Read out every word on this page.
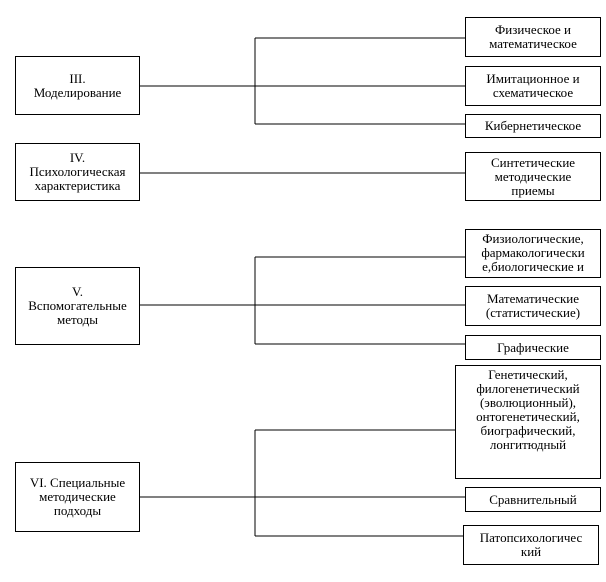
III.
Моделирование
Физическое и
математическое
Имитационное и
схематическое
Кибернетическое
IV.
Психологическая
характеристика
Синтетические
методические
приемы
V.
Вспомогательные
методы
Физиологические,
фармакологически
е,биологические и
Математические
(статистические)
Графические
VI. Специальные
методические
подходы
Генетический,
филогенетический
(эволюционный),
онтогенетический,
биографический,
лонгитюдный
Сравнительный
Патопсихологичес
кий
